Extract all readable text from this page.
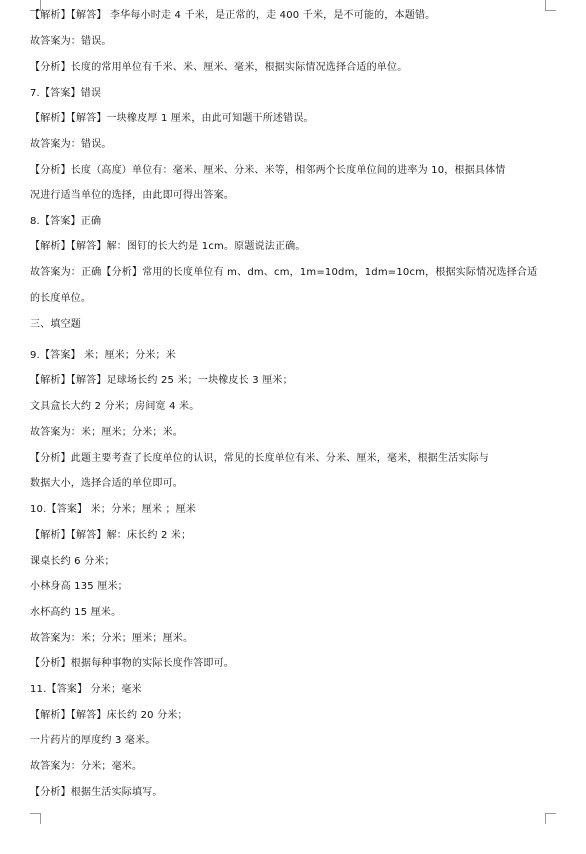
【解析】【解答】 李华每小时走 4 千米，是正常的，走 400 千米，是不可能的，本题错。
故答案为：错误。
【分析】长度的常用单位有千米、米、厘米、毫米，根据实际情况选择合适的单位。
7.【答案】错误
【解析】【解答】一块橡皮厚 1 厘米，由此可知题干所述错误。
故答案为：错误。
【分析】长度（高度）单位有：毫米、厘米、分米、米等，相邻两个长度单位间的进率为 10，根据具体情
况进行适当单位的选择，由此即可得出答案。
8.【答案】正确
【解析】【解答】解：图钉的长大约是 1cm。原题说法正确。
故答案为：正确【分析】常用的长度单位有 m、dm、cm，1m=10dm，1dm=10cm，根据实际情况选择合适
的长度单位。
三、填空题
9.【答案】 米；厘米；分米；米
【解析】【解答】足球场长约 25 米；一块橡皮长 3 厘米；
文具盒长大约 2 分米；房间宽 4 米。
故答案为：米；厘米；分米；米。
【分析】此题主要考查了长度单位的认识，常见的长度单位有米、分米、厘米，毫米，根据生活实际与
数据大小，选择合适的单位即可。
10.【答案】 米；分米；厘米 ；厘米
【解析】【解答】解：床长约 2 米；
课桌长约 6 分米；
小林身高 135 厘米；
水杯高约 15 厘米。
故答案为：米；分米；厘米；厘米。
【分析】根据每种事物的实际长度作答即可。
11.【答案】 分米；毫米
【解析】【解答】床长约 20 分米；
一片药片的厚度约 3 毫米。
故答案为：分米；毫米。
【分析】根据生活实际填写。
